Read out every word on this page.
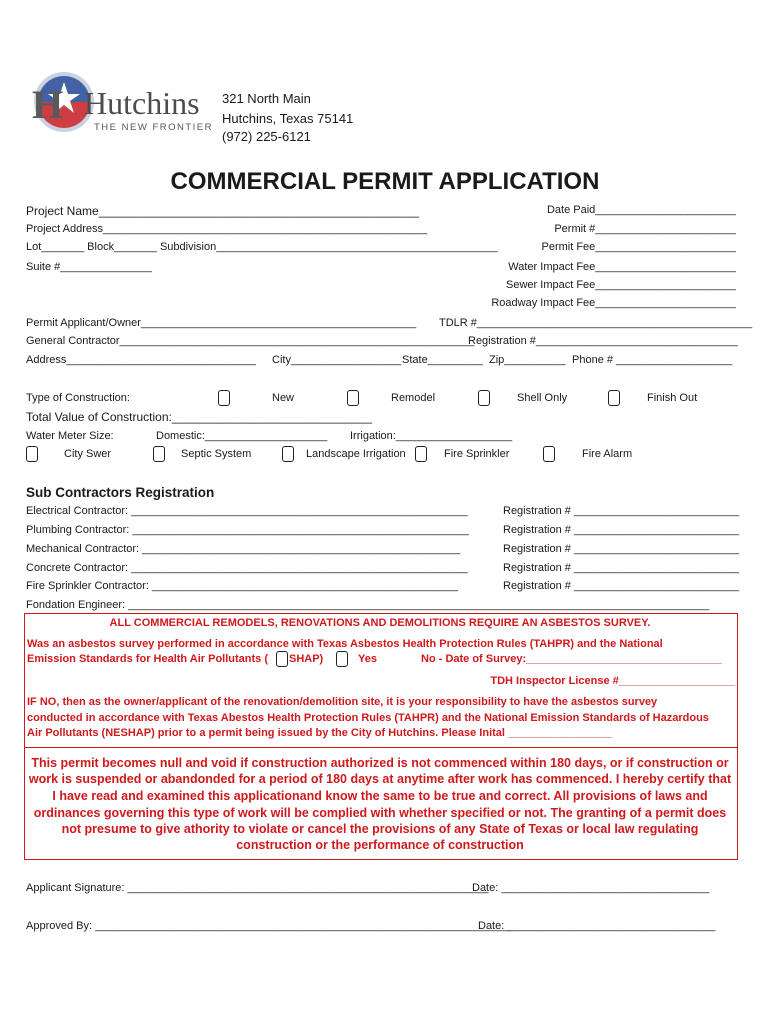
H Hutchins
THE NEW FRONTIER
321 North Main
Hutchins, Texas 75141
(972) 225-6121
COMMERCIAL PERMIT APPLICATION
Project Name________________________________________________
Project Address_____________________________________________________
Lot_______ Block_______ Subdivision______________________________________________
Suite #_______________
Date Paid_______________________
Permit #_______________________
Permit Fee_______________________
Water Impact Fee_______________________
Sewer Impact Fee_______________________
Roadway Impact Fee_______________________
Permit Applicant/Owner_____________________________________________ TDLR #_____________________________________________
General Contractor__________________________________________________________
Registration #_________________________________
Address_______________________________ City__________________ State_________ Zip__________ Phone # ___________________
Type of Construction:	New	Remodel	Shell Only	Finish Out
Total Value of Construction:______________________________
Water Meter Size:	Domestic:____________________ Irrigation:___________________
City Swer	Septic System	Landscape Irrigation	Fire Sprinkler	Fire Alarm
Sub Contractors Registration
Electrical Contractor: _______________________________________________________	Registration # ___________________________
Plumbing Contractor: _______________________________________________________	Registration # ___________________________
Mechanical Contractor: ____________________________________________________	Registration # ___________________________
Concrete Contractor: _______________________________________________________	Registration # ___________________________
Fire Sprinkler Contractor: __________________________________________________	Registration # ___________________________
Fondation Engineer: _______________________________________________________________________________________________
ALL COMMERCIAL REMODELS, RENOVATIONS AND DEMOLITIONS REQUIRE AN ASBESTOS SURVEY.
Was an asbestos survey performed in accordance with Texas Asbestos Health Protection Rules (TAHPR) and the National
Emission Standards for Health Air Pollutants ( SHAP)	Yes	No - Date of Survey:________________________________
TDH Inspector License #___________________
IF NO, then as the owner/applicant of the renovation/demolition site, it is your responsibility to have the asbestos survey
conducted in accordance with Texas Abestos Health Protection Rules (TAHPR) and the National Emission Standards of Hazardous
Air Pollutants (NESHAP) prior to a permit being issued by the City of Hutchins. Please Inital _________________
This permit becomes null and void if construction authorized is not commenced within 180 days, or if construction or
work is suspended or abandonded for a period of 180 days at anytime after work has commenced. I hereby certify that
I have read and examined this applicationand know the same to be true and correct. All provisions of laws and
ordinances governing this type of work will be complied with whether specified or not. The granting of a permit does
not presume to give athority to violate or cancel the provisions of any State of Texas or local law regulating
construction or the performance of construction
Applicant Signature: ___________________________________________________________
Date: __________________________________
Approved By: ____________________________________________________________________
Date: __________________________________
